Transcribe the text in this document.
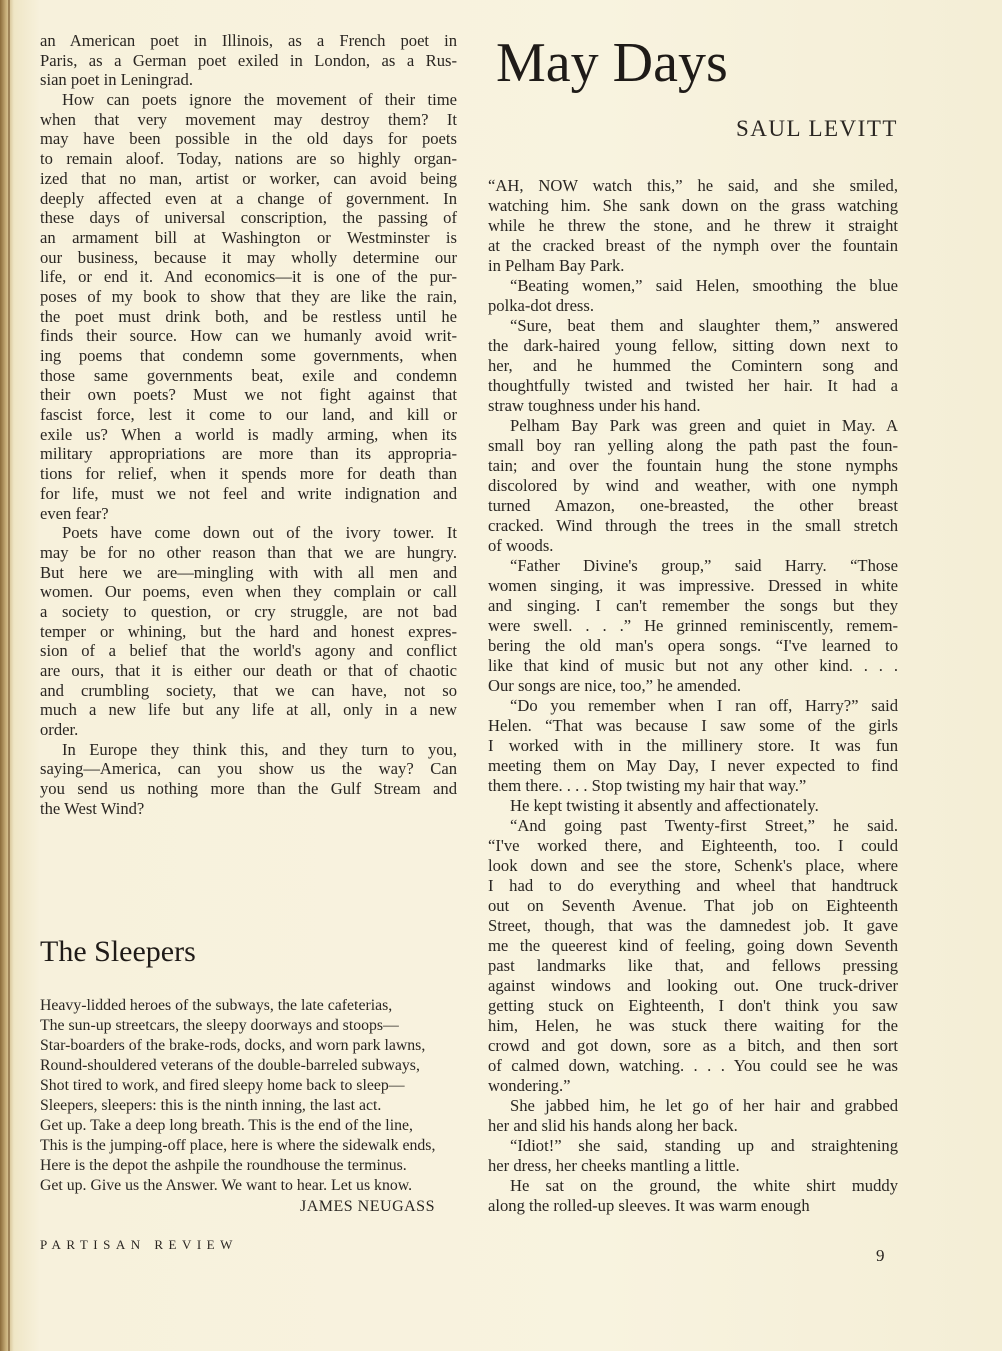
an American poet in Illinois, as a French poet in
Paris, as a German poet exiled in London, as a Rus-
sian poet in Leningrad.
How can poets ignore the movement of their time
when that very movement may destroy them? It
may have been possible in the old days for poets
to remain aloof. Today, nations are so highly organ-
ized that no man, artist or worker, can avoid being
deeply affected even at a change of government. In
these days of universal conscription, the passing of
an armament bill at Washington or Westminster is
our business, because it may wholly determine our
life, or end it. And economics—it is one of the pur-
poses of my book to show that they are like the rain,
the poet must drink both, and be restless until he
finds their source. How can we humanly avoid writ-
ing poems that condemn some governments, when
those same governments beat, exile and condemn
their own poets? Must we not fight against that
fascist force, lest it come to our land, and kill or
exile us? When a world is madly arming, when its
military appropriations are more than its appropria-
tions for relief, when it spends more for death than
for life, must we not feel and write indignation and
even fear?
Poets have come down out of the ivory tower. It
may be for no other reason than that we are hungry.
But here we are—mingling with with all men and
women. Our poems, even when they complain or call
a society to question, or cry struggle, are not bad
temper or whining, but the hard and honest expres-
sion of a belief that the world's agony and conflict
are ours, that it is either our death or that of chaotic
and crumbling society, that we can have, not so
much a new life but any life at all, only in a new
order.
In Europe they think this, and they turn to you,
saying—America, can you show us the way? Can
you send us nothing more than the Gulf Stream and
the West Wind?
The Sleepers
Heavy-lidded heroes of the subways, the late cafeterias,
The sun-up streetcars, the sleepy doorways and stoops—
Star-boarders of the brake-rods, docks, and worn park lawns,
Round-shouldered veterans of the double-barreled subways,
Shot tired to work, and fired sleepy home back to sleep—
Sleepers, sleepers: this is the ninth inning, the last act.
Get up. Take a deep long breath. This is the end of the line,
This is the jumping-off place, here is where the sidewalk ends,
Here is the depot the ashpile the roundhouse the terminus.
Get up. Give us the Answer. We want to hear. Let us know.
JAMES NEUGASS
May Days
SAUL LEVITT
“AH, NOW watch this,” he said, and she smiled,
watching him. She sank down on the grass watching
while he threw the stone, and he threw it straight
at the cracked breast of the nymph over the fountain
in Pelham Bay Park.
“Beating women,” said Helen, smoothing the blue
polka-dot dress.
“Sure, beat them and slaughter them,” answered
the dark-haired young fellow, sitting down next to
her, and he hummed the Comintern song and
thoughtfully twisted and twisted her hair. It had a
straw toughness under his hand.
Pelham Bay Park was green and quiet in May. A
small boy ran yelling along the path past the foun-
tain; and over the fountain hung the stone nymphs
discolored by wind and weather, with one nymph
turned Amazon, one-breasted, the other breast
cracked. Wind through the trees in the small stretch
of woods.
“Father Divine's group,” said Harry. “Those
women singing, it was impressive. Dressed in white
and singing. I can't remember the songs but they
were swell. . . .” He grinned reminiscently, remem-
bering the old man's opera songs. “I've learned to
like that kind of music but not any other kind. . . .
Our songs are nice, too,” he amended.
“Do you remember when I ran off, Harry?” said
Helen. “That was because I saw some of the girls
I worked with in the millinery store. It was fun
meeting them on May Day, I never expected to find
them there. . . . Stop twisting my hair that way.”
He kept twisting it absently and affectionately.
“And going past Twenty-first Street,” he said.
“I've worked there, and Eighteenth, too. I could
look down and see the store, Schenk's place, where
I had to do everything and wheel that handtruck
out on Seventh Avenue. That job on Eighteenth
Street, though, that was the damnedest job. It gave
me the queerest kind of feeling, going down Seventh
past landmarks like that, and fellows pressing
against windows and looking out. One truck-driver
getting stuck on Eighteenth, I don't think you saw
him, Helen, he was stuck there waiting for the
crowd and got down, sore as a bitch, and then sort
of calmed down, watching. . . . You could see he was
wondering.”
She jabbed him, he let go of her hair and grabbed
her and slid his hands along her back.
“Idiot!” she said, standing up and straightening
her dress, her cheeks mantling a little.
He sat on the ground, the white shirt muddy
along the rolled-up sleeves. It was warm enough
PARTISAN REVIEW
9
